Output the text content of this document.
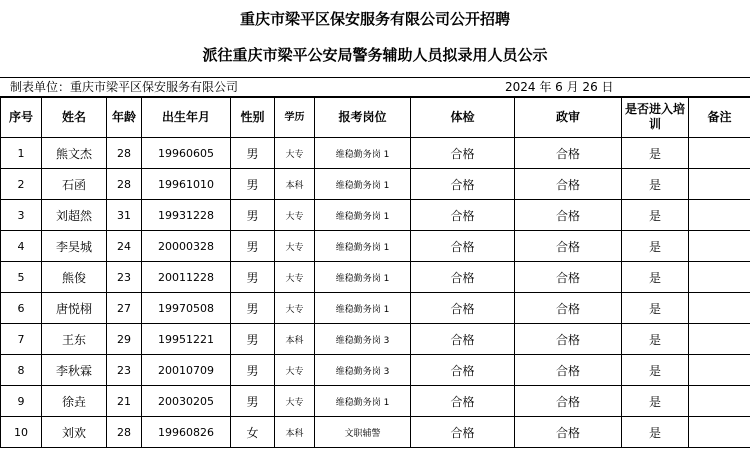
重庆市梁平区保安服务有限公司公开招聘
派往重庆市梁平公安局警务辅助人员拟录用人员公示
制表单位：重庆市梁平区保安服务有限公司	2024 年 6 月 26 日
序号	姓名	年龄	出生年月	性别	学历	报考岗位	体检	政审	是否进入培训	备注
1	熊文杰	28	19960605	男	大专	维稳勤务岗 1	合格	合格	是	
2	石函	28	19961010	男	本科	维稳勤务岗 1	合格	合格	是	
3	刘超然	31	19931228	男	大专	维稳勤务岗 1	合格	合格	是	
4	李昊城	24	20000328	男	大专	维稳勤务岗 1	合格	合格	是	
5	熊俊	23	20011228	男	大专	维稳勤务岗 1	合格	合格	是	
6	唐悦栩	27	19970508	男	大专	维稳勤务岗 1	合格	合格	是	
7	王东	29	19951221	男	本科	维稳勤务岗 3	合格	合格	是	
8	李秋霖	23	20010709	男	大专	维稳勤务岗 3	合格	合格	是	
9	徐垚	21	20030205	男	大专	维稳勤务岗 1	合格	合格	是	
10	刘欢	28	19960826	女	本科	文职辅警	合格	合格	是	
